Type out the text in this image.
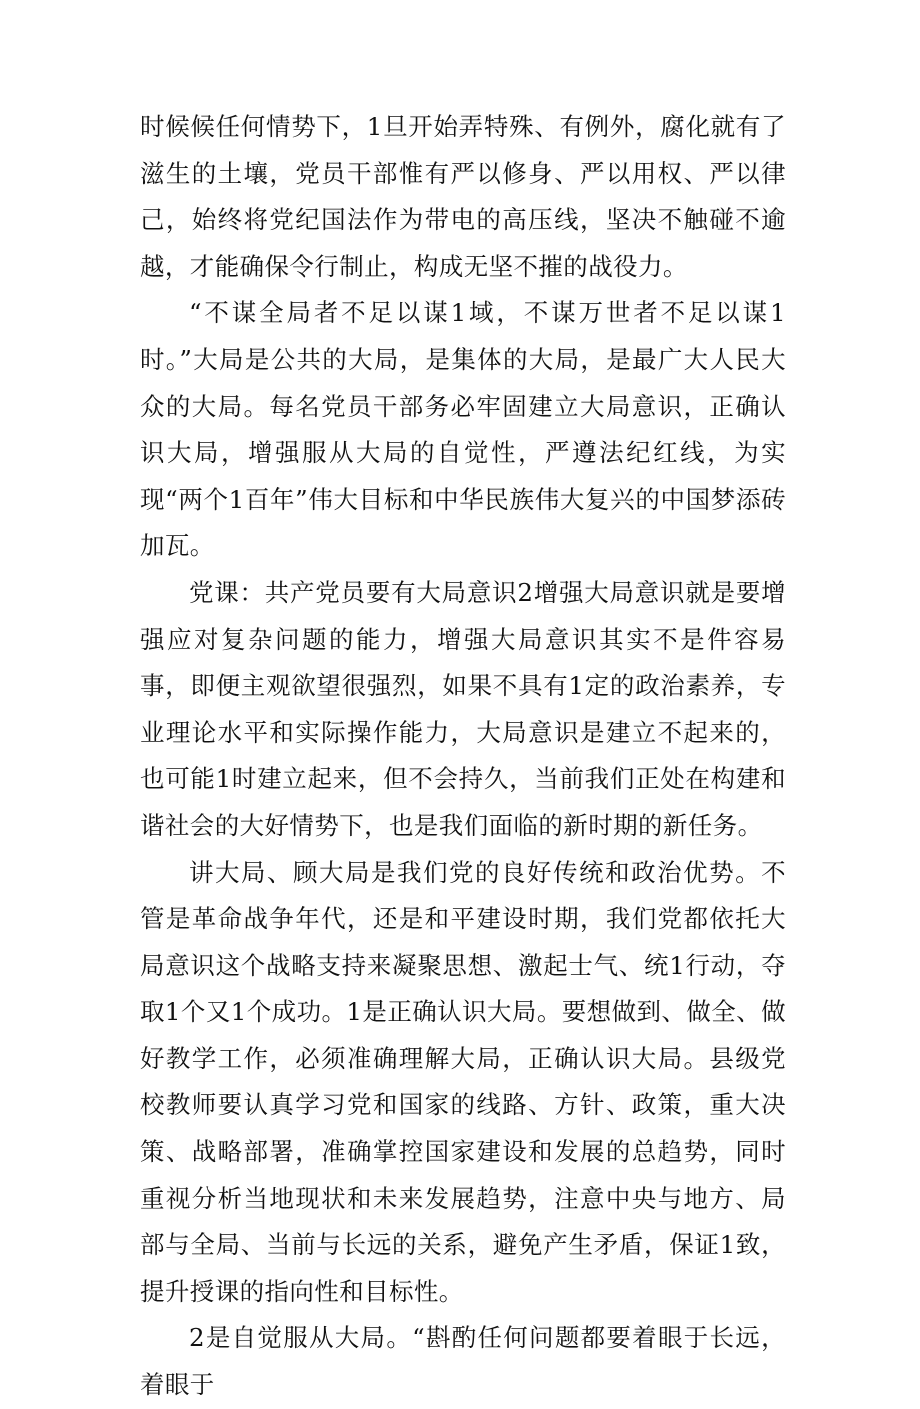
时候候任何情势下，1旦开始弄特殊、有例外，腐化就有了滋生的土壤，党员干部惟有严以修身、严以用权、严以律己，始终将党纪国法作为带电的高压线，坚决不触碰不逾越，才能确保令行制止，构成无坚不摧的战役力。

“不谋全局者不足以谋1域，不谋万世者不足以谋1时。”大局是公共的大局，是集体的大局，是最广大人民大众的大局。每名党员干部务必牢固建立大局意识，正确认识大局，增强服从大局的自觉性，严遵法纪红线，为实现“两个1百年”伟大目标和中华民族伟大复兴的中国梦添砖加瓦。

党课：共产党员要有大局意识2增强大局意识就是要增强应对复杂问题的能力，增强大局意识其实不是件容易事，即便主观欲望很强烈，如果不具有1定的政治素养，专业理论水平和实际操作能力，大局意识是建立不起来的，也可能1时建立起来，但不会持久，当前我们正处在构建和谐社会的大好情势下，也是我们面临的新时期的新任务。

讲大局、顾大局是我们党的良好传统和政治优势。不管是革命战争年代，还是和平建设时期，我们党都依托大局意识这个战略支持来凝聚思想、激起士气、统1行动，夺取1个又1个成功。1是正确认识大局。要想做到、做全、做好教学工作，必须准确理解大局，正确认识大局。县级党校教师要认真学习党和国家的线路、方针、政策，重大决策、战略部署，准确掌控国家建设和发展的总趋势，同时重视分析当地现状和未来发展趋势，注意中央与地方、局部与全局、当前与长远的关系，避免产生矛盾，保证1致，提升授课的指向性和目标性。

2是自觉服从大局。“斟酌任何问题都要着眼于长远，着眼于
